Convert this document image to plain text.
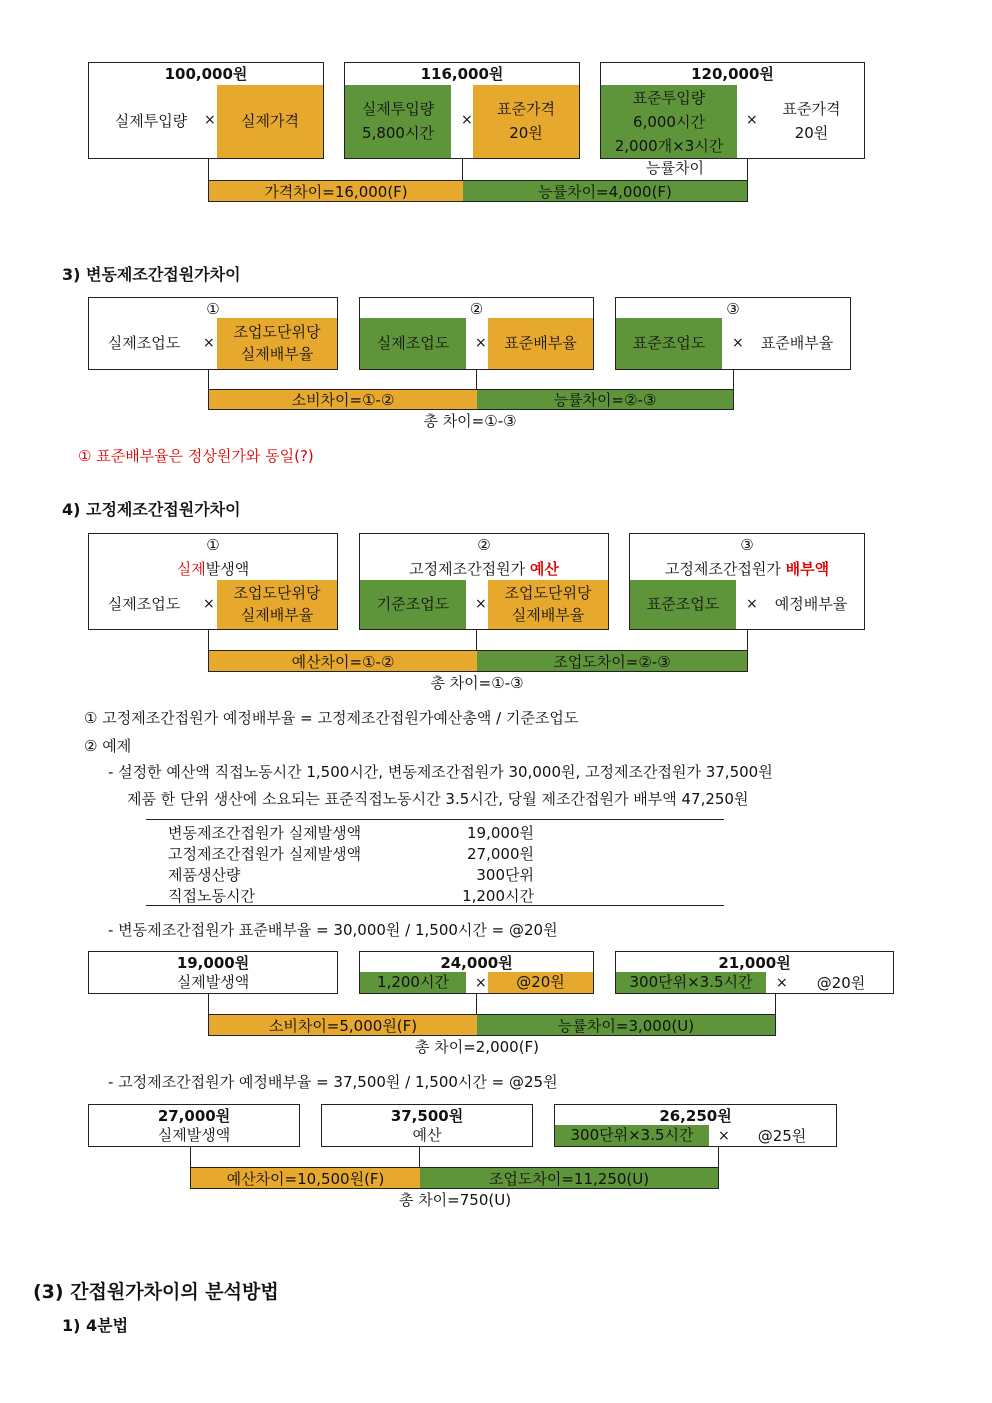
100,000원
실제투입량	×	실제가격
116,000원
실제투입량
5,800시간
×
표준가격
20원
120,000원
표준투입량
6,000시간
2,000개×3시간
×
표준가격
20원
능률차이
가격차이=16,000(F)	능률차이=4,000(F)
3) 변동제조간접원가차이
①
실제조업도	×
조업도단위당
실제배부율
②
실제조업도	×	표준배부율
③
표준조업도	×	표준배부율
소비차이=①-②	능률차이=②-③
총 차이=①-③
① 표준배부율은 정상원가와 동일(?)
4) 고정제조간접원가차이
①
실제발생액
실제조업도	×
조업도단위당
실제배부율
②
고정제조간접원가 예산
기준조업도	×
조업도단위당
실제배부율
③
고정제조간접원가 배부액
표준조업도	×	예정배부율
예산차이=①-②	조업도차이=②-③
총 차이=①-③
① 고정제조간접원가 예정배부율 = 고정제조간접원가예산총액 / 기준조업도
② 예제
- 설정한 예산액 직접노동시간 1,500시간, 변동제조간접원가 30,000원, 고정제조간접원가 37,500원
제품 한 단위 생산에 소요되는 표준직접노동시간 3.5시간, 당월 제조간접원가 배부액 47,250원
변동제조간접원가 실제발생액	19,000원
고정제조간접원가 실제발생액	27,000원
제품생산량	300단위
직접노동시간	1,200시간
- 변동제조간접원가 표준배부율 = 30,000원 / 1,500시간 = @20원
19,000원
실제발생액
24,000원
1,200시간	×	@20원
21,000원
300단위×3.5시간	×	@20원
소비차이=5,000원(F)	능률차이=3,000(U)
총 차이=2,000(F)
- 고정제조간접원가 예정배부율 = 37,500원 / 1,500시간 = @25원
27,000원
실제발생액
37,500원
예산
26,250원
300단위×3.5시간	×	@25원
예산차이=10,500원(F)	조업도차이=11,250(U)
총 차이=750(U)
(3) 간접원가차이의 분석방법
1) 4분법
